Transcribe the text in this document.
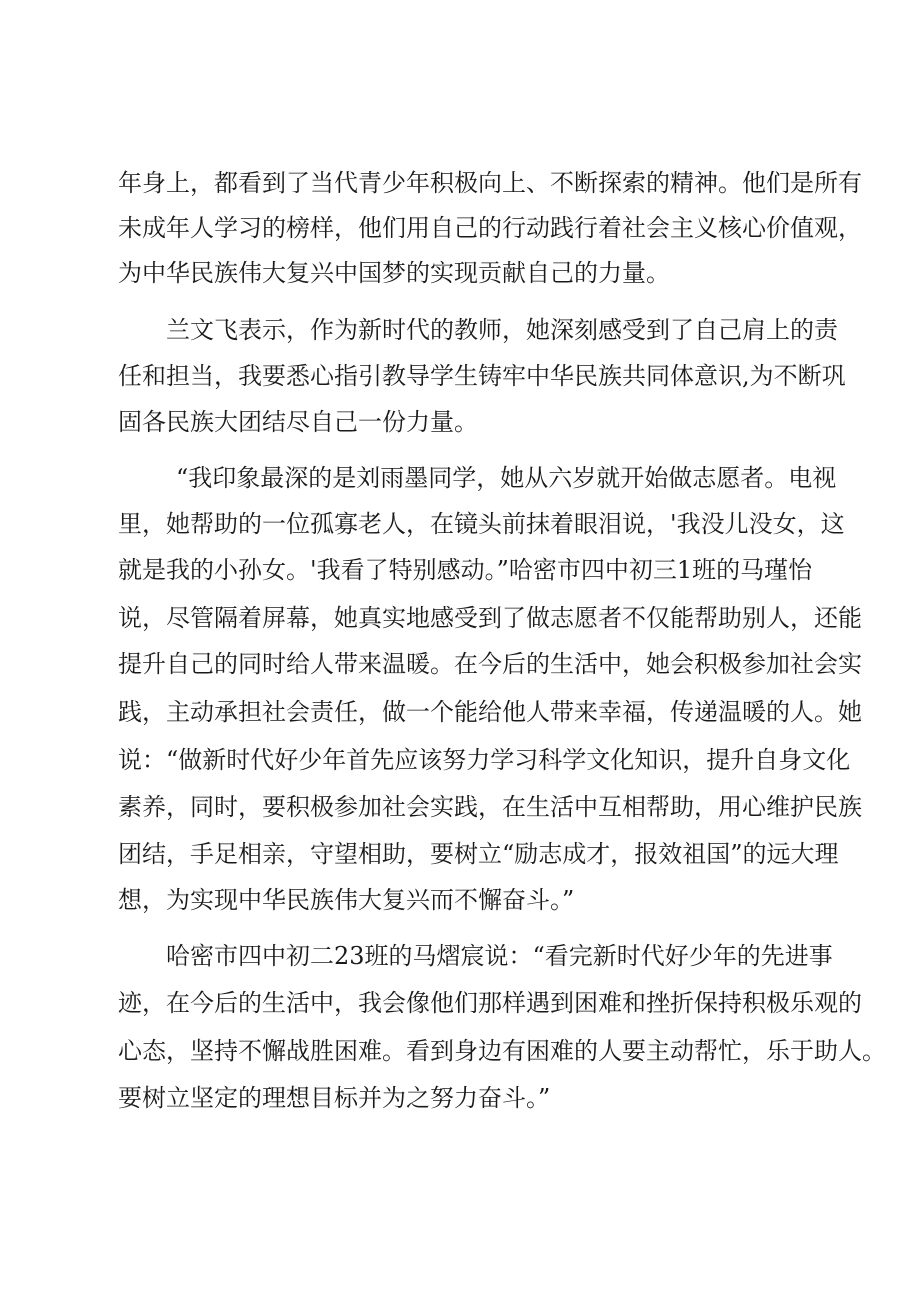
年身上，都看到了当代青少年积极向上、不断探索的精神。他们是所有
未成年人学习的榜样，他们用自己的行动践行着社会主义核心价值观，
为中华民族伟大复兴中国梦的实现贡献自己的力量。
兰文飞表示，作为新时代的教师，她深刻感受到了自己肩上的责
任和担当，我要悉心指引教导学生铸牢中华民族共同体意识,为不断巩
固各民族大团结尽自己一份力量。
“我印象最深的是刘雨墨同学，她从六岁就开始做志愿者。电视
里，她帮助的一位孤寡老人，在镜头前抹着眼泪说，'我没儿没女，这
就是我的小孙女。'我看了特别感动。”哈密市四中初三1班的马瑾怡
说，尽管隔着屏幕，她真实地感受到了做志愿者不仅能帮助别人，还能
提升自己的同时给人带来温暖。在今后的生活中，她会积极参加社会实
践，主动承担社会责任，做一个能给他人带来幸福，传递温暖的人。她
说：“做新时代好少年首先应该努力学习科学文化知识，提升自身文化
素养，同时，要积极参加社会实践，在生活中互相帮助，用心维护民族
团结，手足相亲，守望相助，要树立“励志成才，报效祖国”的远大理
想，为实现中华民族伟大复兴而不懈奋斗。”
哈密市四中初二23班的马熠宸说：“看完新时代好少年的先进事
迹，在今后的生活中，我会像他们那样遇到困难和挫折保持积极乐观的
心态，坚持不懈战胜困难。看到身边有困难的人要主动帮忙，乐于助人。
要树立坚定的理想目标并为之努力奋斗。”
